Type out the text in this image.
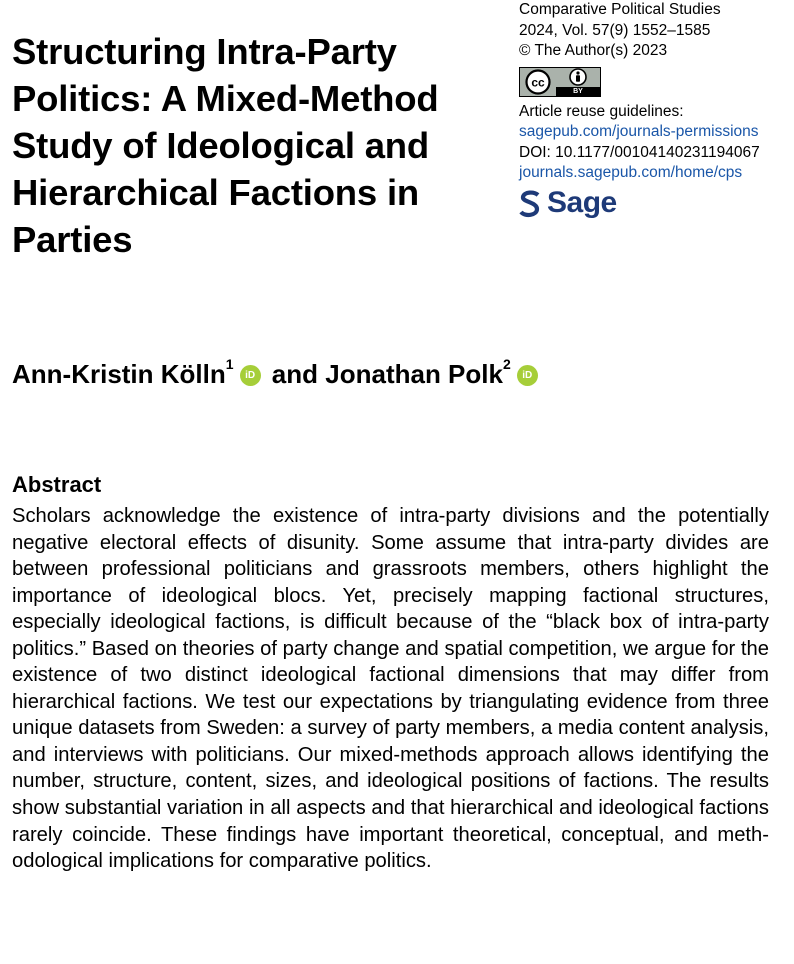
Structuring Intra-Party Politics: A Mixed-Method Study of Ideological and Hierarchical Factions in Parties
Comparative Political Studies
2024, Vol. 57(9) 1552–1585
© The Author(s) 2023
cc
BY
Article reuse guidelines:
sagepub.com/journals-permissions
DOI: 10.1177/00104140231194067
journals.sagepub.com/home/cps
Sage
Ann-Kristin Kölln$^1$
iD and Jonathan Polk$^2$
iD
Abstract

Scholars acknowledge the existence of intra-party divisions and the potentially negative electoral effects of disunity. Some assume that intra-party divides are between professional politicians and grassroots members, others highlight the importance of ideological blocs. Yet, precisely mapping factional structures, especially ideological factions, is difficult because of the “black box of intra-party politics.” Based on theories of party change and spatial competition, we argue for the existence of two distinct ideological factional dimensions that may differ from hierarchical factions. We test our expectations by triangulating evidence from three unique datasets from Sweden: a survey of party members, a media content analysis, and interviews with politicians. Our mixed-methods approach allows identifying the number, structure, content, sizes, and ideological positions of factions. The results show substantial variation in all aspects and that hierarchical and ideological factions rarely coincide. These findings have important theoretical, conceptual, and methodological implications for comparative politics.
